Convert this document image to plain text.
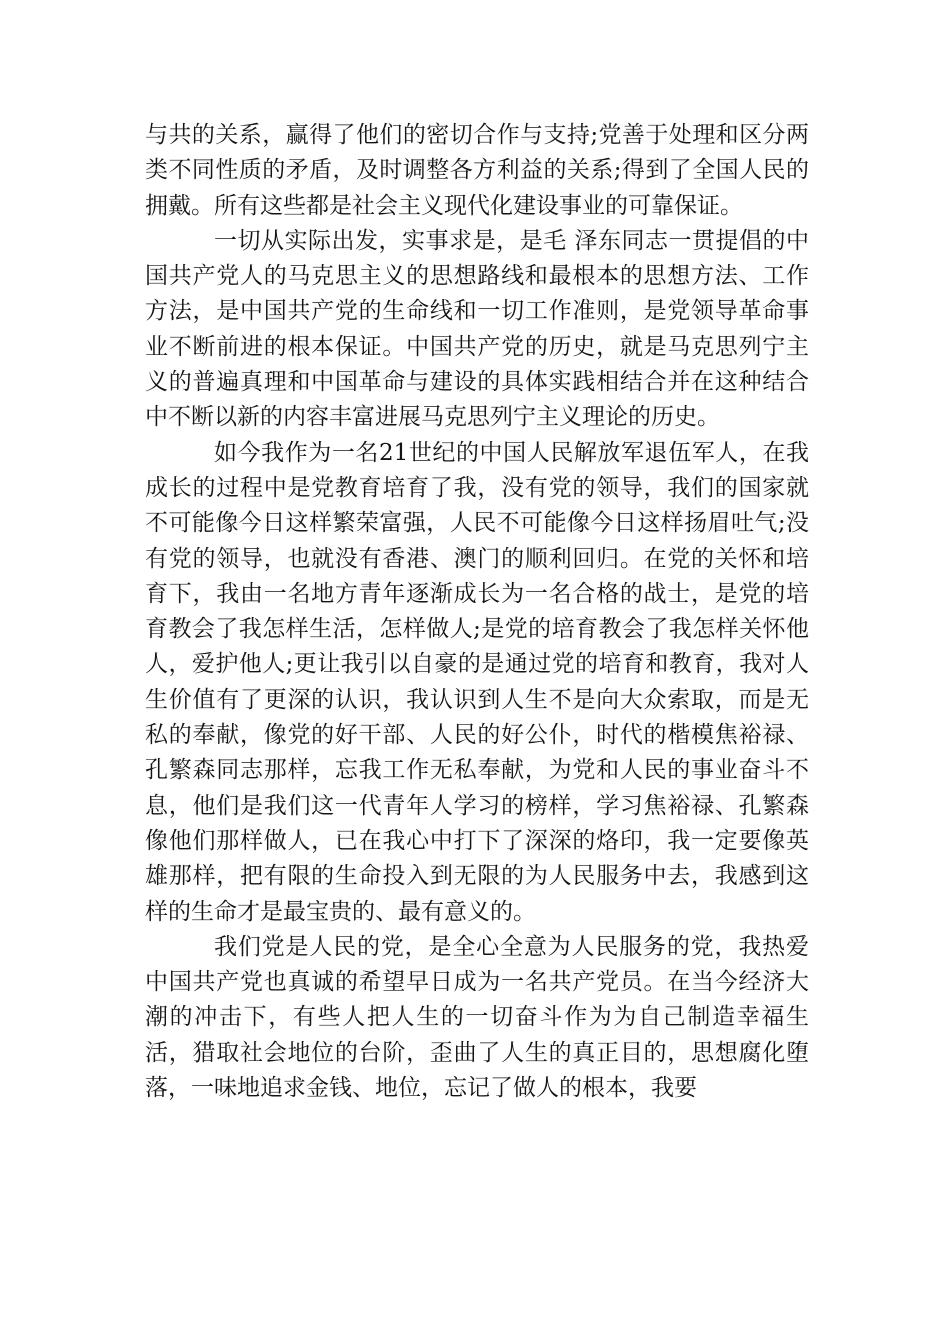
与共的关系，赢得了他们的密切合作与支持;党善于处理和区分两类不同性质的矛盾，及时调整各方利益的关系;得到了全国人民的拥戴。所有这些都是社会主义现代化建设事业的可靠保证。

一切从实际出发，实事求是，是毛 泽东同志一贯提倡的中国共产党人的马克思主义的思想路线和最根本的思想方法、工作方法，是中国共产党的生命线和一切工作准则，是党领导革命事业不断前进的根本保证。中国共产党的历史，就是马克思列宁主义的普遍真理和中国革命与建设的具体实践相结合并在这种结合中不断以新的内容丰富进展马克思列宁主义理论的历史。

如今我作为一名21世纪的中国人民解放军退伍军人，在我成长的过程中是党教育培育了我，没有党的领导，我们的国家就不可能像今日这样繁荣富强，人民不可能像今日这样扬眉吐气;没有党的领导，也就没有香港、澳门的顺利回归。在党的关怀和培育下，我由一名地方青年逐渐成长为一名合格的战士，是党的培育教会了我怎样生活，怎样做人;是党的培育教会了我怎样关怀他人，爱护他人;更让我引以自豪的是通过党的培育和教育，我对人生价值有了更深的认识，我认识到人生不是向大众索取，而是无私的奉献，像党的好干部、人民的好公仆，时代的楷模焦裕禄、孔繁森同志那样，忘我工作无私奉献，为党和人民的事业奋斗不息，他们是我们这一代青年人学习的榜样，学习焦裕禄、孔繁森像他们那样做人，已在我心中打下了深深的烙印，我一定要像英雄那样，把有限的生命投入到无限的为人民服务中去，我感到这样的生命才是最宝贵的、最有意义的。

我们党是人民的党，是全心全意为人民服务的党，我热爱中国共产党也真诚的希望早日成为一名共产党员。在当今经济大潮的冲击下，有些人把人生的一切奋斗作为为自己制造幸福生活，猎取社会地位的台阶，歪曲了人生的真正目的，思想腐化堕落，一味地追求金钱、地位，忘记了做人的根本，我要
